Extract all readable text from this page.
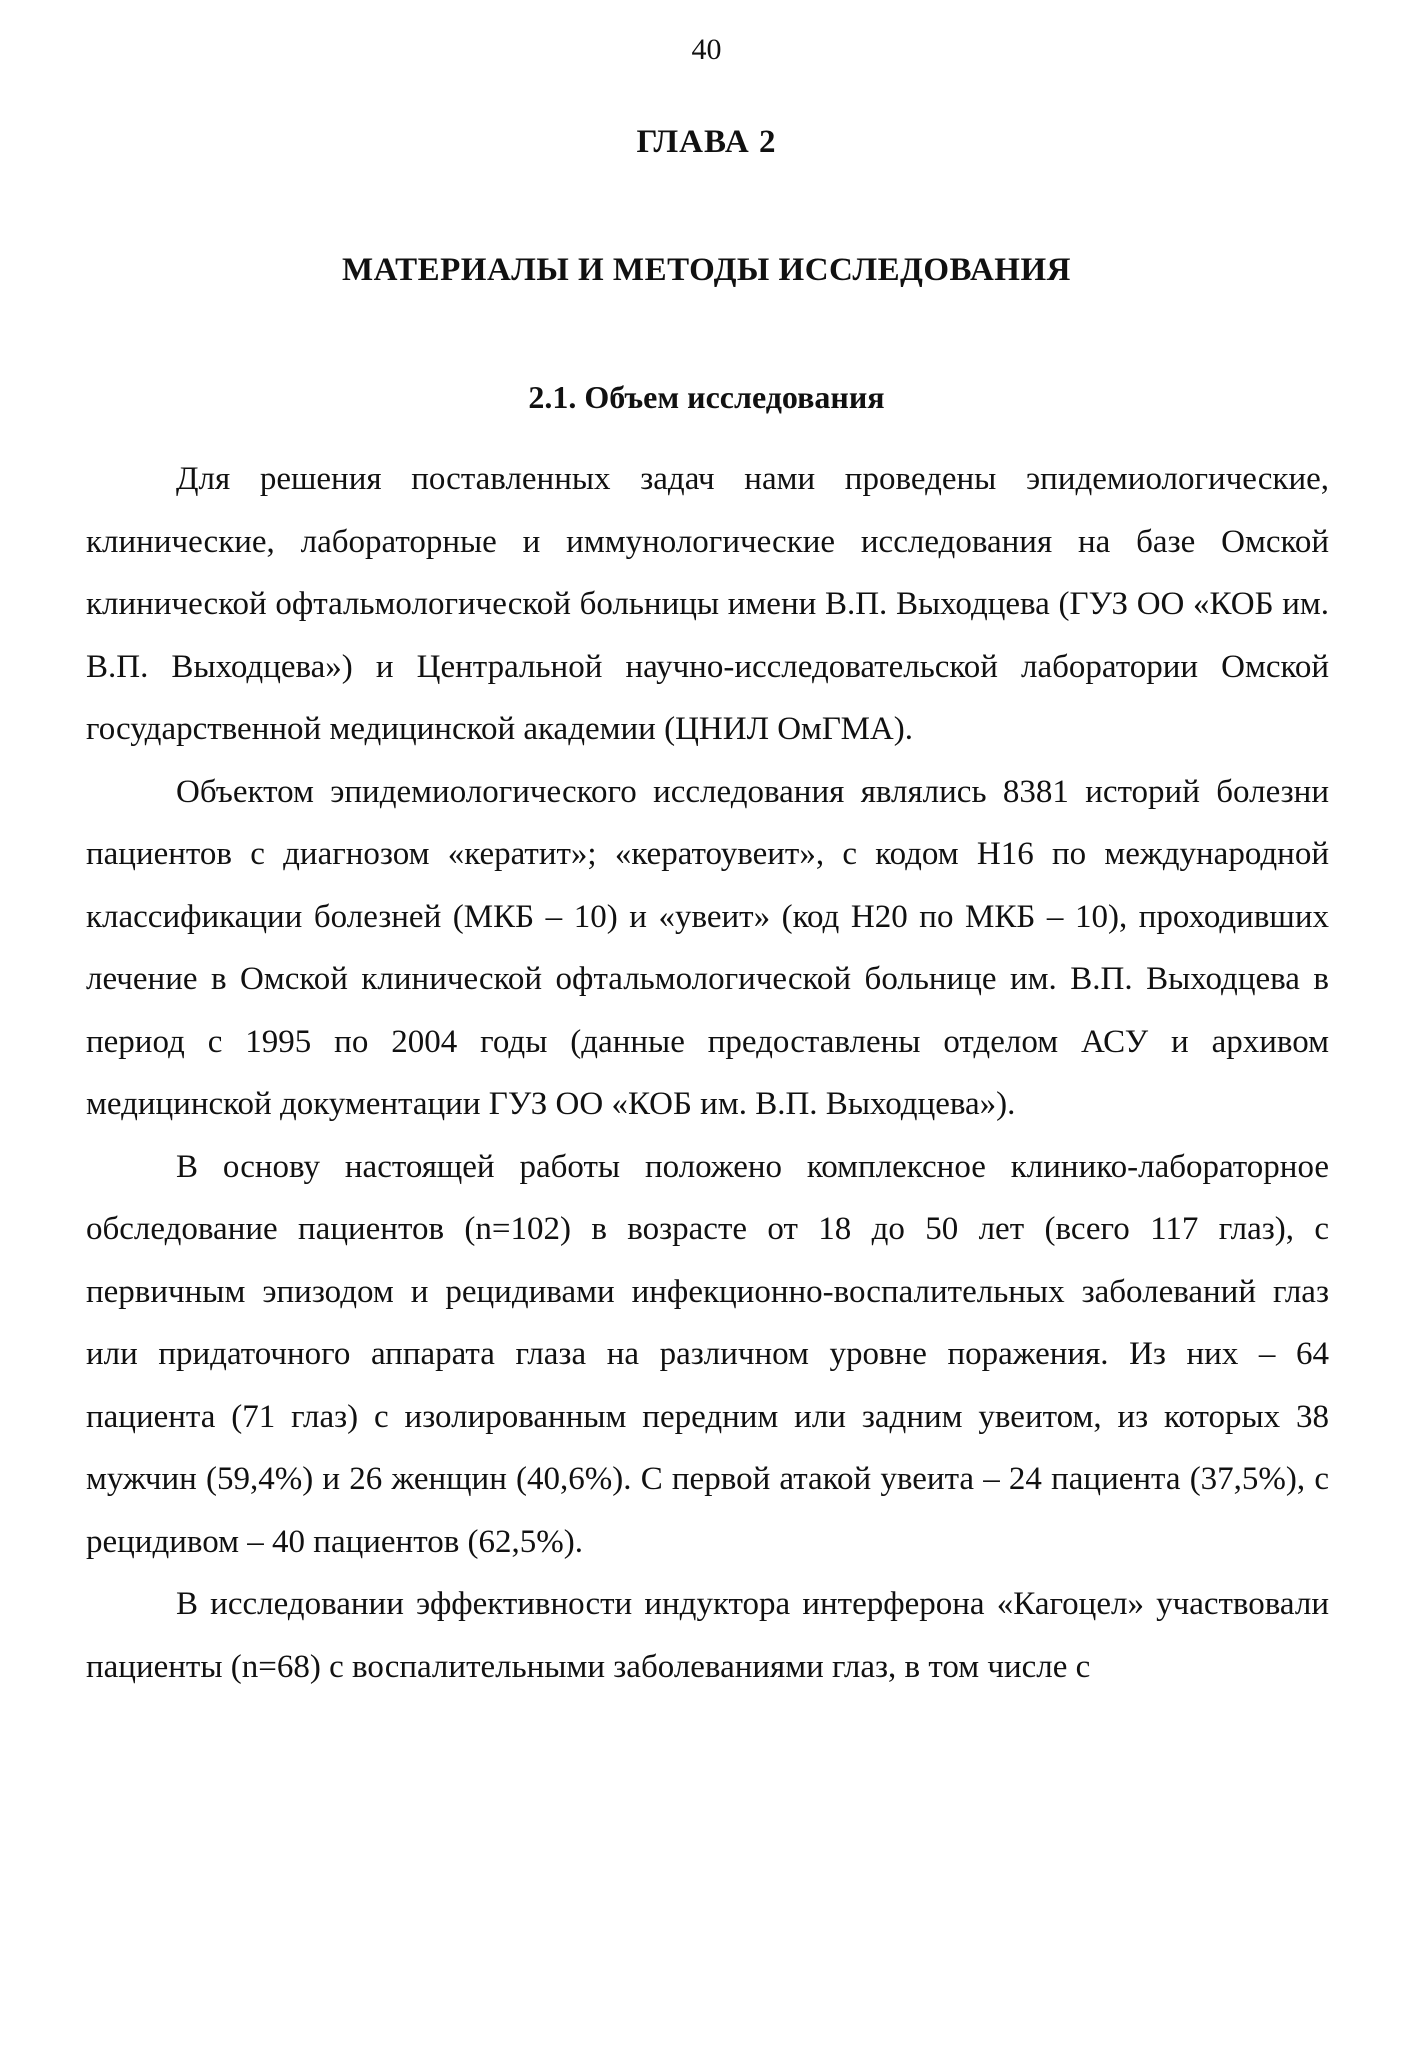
40
ГЛАВА 2
МАТЕРИАЛЫ И МЕТОДЫ ИССЛЕДОВАНИЯ
2.1. Объем исследования

Для решения поставленных задач нами проведены эпидемиологические, клинические, лабораторные и иммунологические исследования на базе Омской клинической офтальмологической больницы имени В.П. Выходцева (ГУЗ ОО «КОБ им. В.П. Выходцева») и Центральной научно-исследовательской лаборатории Омской государственной медицинской академии (ЦНИЛ ОмГМА).

Объектом эпидемиологического исследования являлись 8381 историй болезни пациентов с диагнозом «кератит»; «кератоувеит», с кодом Н16 по международной классификации болезней (МКБ – 10) и «увеит» (код Н20 по МКБ – 10), проходивших лечение в Омской клинической офтальмологической больнице им. В.П. Выходцева в период с 1995 по 2004 годы (данные предоставлены отделом АСУ и архивом медицинской документации ГУЗ ОО «КОБ им. В.П. Выходцева»).

В основу настоящей работы положено комплексное клинико-лабораторное обследование пациентов (n=102) в возрасте от 18 до 50 лет (всего 117 глаз), с первичным эпизодом и рецидивами инфекционно-воспалительных заболеваний глаз или придаточного аппарата глаза на различном уровне поражения. Из них – 64 пациента (71 глаз) с изолированным передним или задним увеитом, из которых 38 мужчин (59,4%) и 26 женщин (40,6%). С первой атакой увеита – 24 пациента (37,5%), с рецидивом – 40 пациентов (62,5%).

В исследовании эффективности индуктора интерферона «Кагоцел» участвовали пациенты (n=68) с воспалительными заболеваниями глаз, в том числе с
